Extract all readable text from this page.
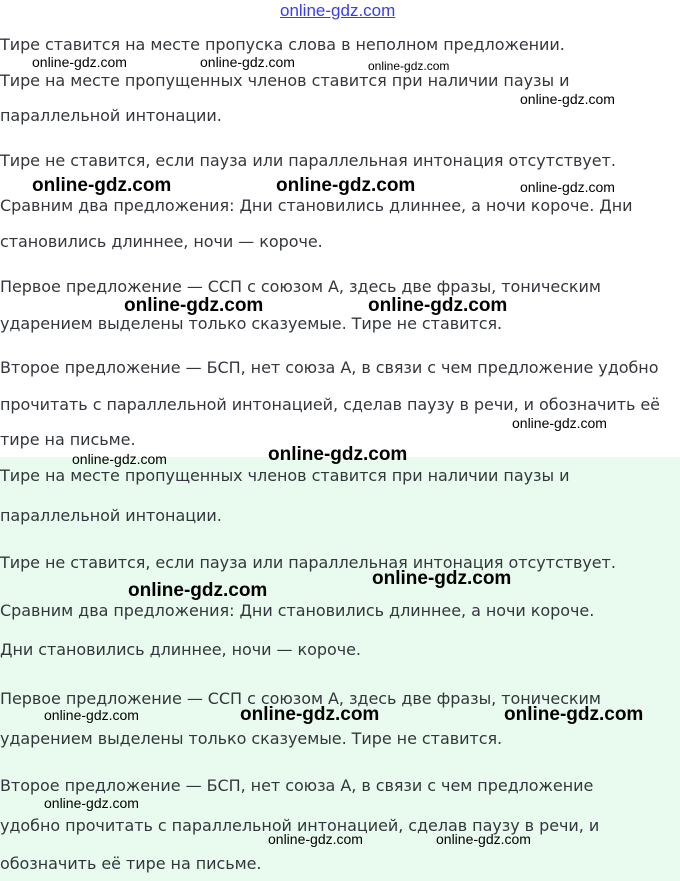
online-gdz.com
Тире ставится на месте пропуска слова в неполном предложении.
Тире на месте пропущенных членов ставится при наличии паузы и
параллельной интонации.
Тире не ставится, если пауза или параллельная интонация отсутствует.
Сравним два предложения: Дни становились длиннее, а ночи короче. Дни
становились длиннее, ночи — короче.
Первое предложение — ССП с союзом А, здесь две фразы, тоническим
ударением выделены только сказуемые. Тире не ставится.
Второе предложение — БСП, нет союза А, в связи с чем предложение удобно
прочитать с параллельной интонацией, сделав паузу в речи, и обозначить её
тире на письме.
Тире на месте пропущенных членов ставится при наличии паузы и
параллельной интонации.
Тире не ставится, если пауза или параллельная интонация отсутствует.
Сравним два предложения: Дни становились длиннее, а ночи короче.
Дни становились длиннее, ночи — короче.
Первое предложение — ССП с союзом А, здесь две фразы, тоническим
ударением выделены только сказуемые. Тире не ставится.
Второе предложение — БСП, нет союза А, в связи с чем предложение
удобно прочитать с параллельной интонацией, сделав паузу в речи, и
обозначить её тире на письме.
online-gdz.com	online-gdz.com	online-gdz.com
online-gdz.com
online-gdz.com	online-gdz.com	online-gdz.com
online-gdz.com	online-gdz.com
online-gdz.com
online-gdz.com
online-gdz.com
online-gdz.com
online-gdz.com
online-gdz.com	online-gdz.com	online-gdz.com
online-gdz.com
online-gdz.com	online-gdz.com
